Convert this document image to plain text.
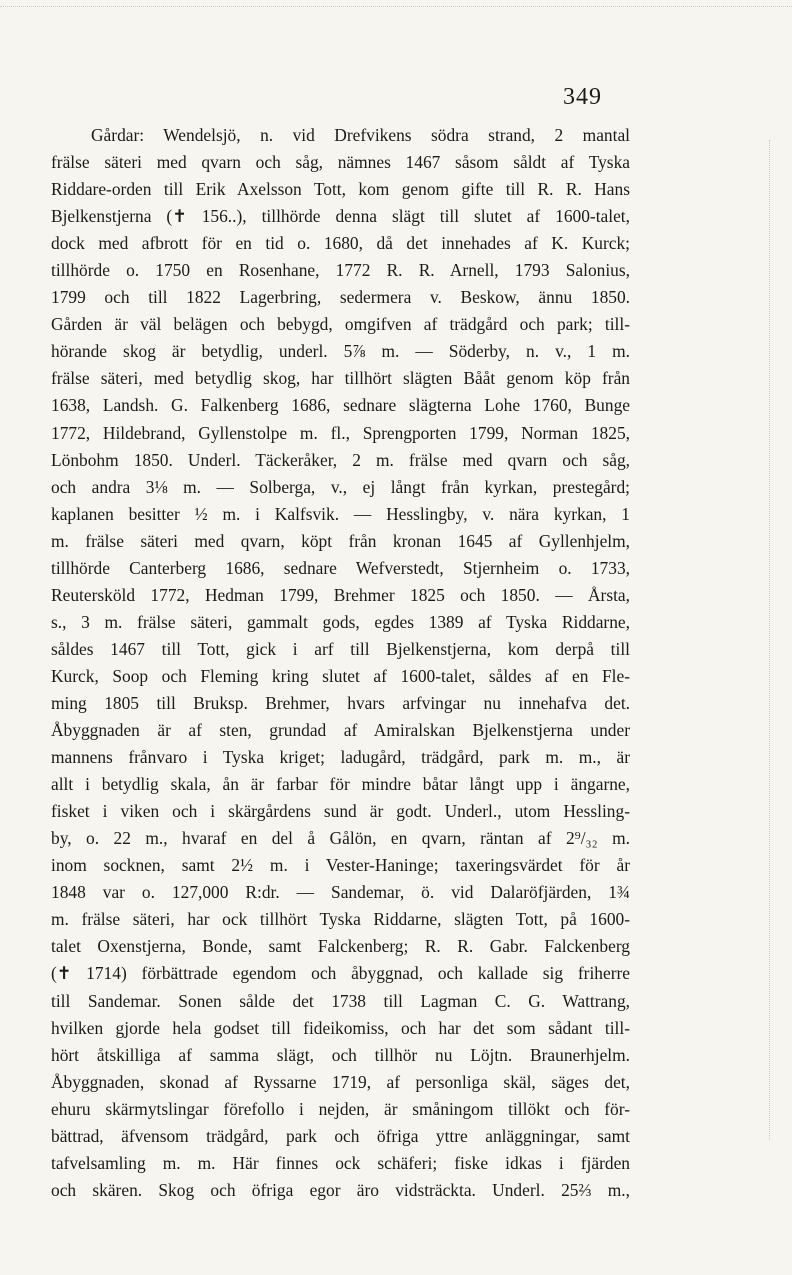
349
Gårdar: Wendelsjö, n. vid Drefvikens södra strand, 2 mantal
frälse säteri med qvarn och såg, nämnes 1467 såsom såldt af Tyska
Riddare-orden till Erik Axelsson Tott, kom genom gifte till R. R. Hans
Bjelkenstjerna (✝ 156..), tillhörde denna slägt till slutet af 1600-talet,
dock med afbrott för en tid o. 1680, då det innehades af K. Kurck;
tillhörde o. 1750 en Rosenhane, 1772 R. R. Arnell, 1793 Salonius,
1799 och till 1822 Lagerbring, sedermera v. Beskow, ännu 1850.
Gården är väl belägen och bebygd, omgifven af trädgård och park; till-
hörande skog är betydlig, underl. 5⅞ m. — Söderby, n. v., 1 m.
frälse säteri, med betydlig skog, har tillhört slägten Bååt genom köp från
1638, Landsh. G. Falkenberg 1686, sednare slägterna Lohe 1760, Bunge
1772, Hildebrand, Gyllenstolpe m. fl., Sprengporten 1799, Norman 1825,
Lönbohm 1850. Underl. Täckeråker, 2 m. frälse med qvarn och såg,
och andra 3⅛ m. — Solberga, v., ej långt från kyrkan, prestegård;
kaplanen besitter ½ m. i Kalfsvik. — Hesslingby, v. nära kyrkan, 1
m. frälse säteri med qvarn, köpt från kronan 1645 af Gyllenhjelm,
tillhörde Canterberg 1686, sednare Wefverstedt, Stjernheim o. 1733,
Reutersköld 1772, Hedman 1799, Brehmer 1825 och 1850. — Årsta,
s., 3 m. frälse säteri, gammalt gods, egdes 1389 af Tyska Riddarne,
såldes 1467 till Tott, gick i arf till Bjelkenstjerna, kom derpå till
Kurck, Soop och Fleming kring slutet af 1600-talet, såldes af en Fle-
ming 1805 till Bruksp. Brehmer, hvars arfvingar nu innehafva det.
Åbyggnaden är af sten, grundad af Amiralskan Bjelkenstjerna under
mannens frånvaro i Tyska kriget; ladugård, trädgård, park m. m., är
allt i betydlig skala, ån är farbar för mindre båtar långt upp i ängarne,
fisket i viken och i skärgårdens sund är godt. Underl., utom Hessling-
by, o. 22 m., hvaraf en del å Gålön, en qvarn, räntan af 2⁹/₃₂ m.
inom socknen, samt 2½ m. i Vester-Haninge; taxeringsvärdet för år
1848 var o. 127,000 R:dr. — Sandemar, ö. vid Dalaröfjärden, 1¾
m. frälse säteri, har ock tillhört Tyska Riddarne, slägten Tott, på 1600-
talet Oxenstjerna, Bonde, samt Falckenberg; R. R. Gabr. Falckenberg
(✝ 1714) förbättrade egendom och åbyggnad, och kallade sig friherre
till Sandemar. Sonen sålde det 1738 till Lagman C. G. Wattrang,
hvilken gjorde hela godset till fideikomiss, och har det som sådant till-
hört åtskilliga af samma slägt, och tillhör nu Löjtn. Braunerhjelm.
Åbyggnaden, skonad af Ryssarne 1719, af personliga skäl, säges det,
ehuru skärmytslingar förefollo i nejden, är småningom tillökt och för-
bättrad, äfvensom trädgård, park och öfriga yttre anläggningar, samt
tafvelsamling m. m. Här finnes ock schäferi; fiske idkas i fjärden
och skären. Skog och öfriga egor äro vidsträckta. Underl. 25⅔ m.,
